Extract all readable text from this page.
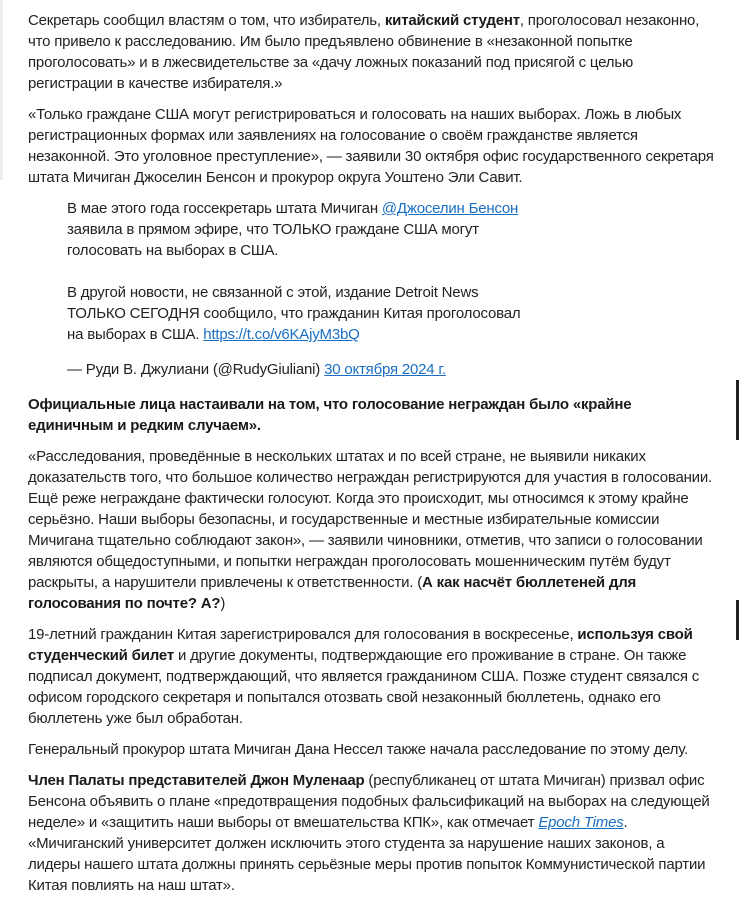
Секретарь сообщил властям о том, что избиратель, китайский студент, проголосовал незаконно, что привело к расследованию. Им было предъявлено обвинение в «незаконной попытке проголосовать» и в лжесвидетельстве за «дачу ложных показаний под присягой с целью регистрации в качестве избирателя.»

«Только граждане США могут регистрироваться и голосовать на наших выборах. Ложь в любых регистрационных формах или заявлениях на голосование о своём гражданстве является незаконной. Это уголовное преступление», — заявили 30 октября офис государственного секретаря штата Мичиган Джоселин Бенсон и прокурор округа Уоштено Эли Савит.

В мае этого года госсекретарь штата Мичиган @Джоселин Бенсон заявила в прямом эфире, что ТОЛЬКО граждане США могут голосовать на выборах в США.

В другой новости, не связанной с этой, издание Detroit News ТОЛЬКО СЕГОДНЯ сообщило, что гражданин Китая проголосовал на выборах в США. https://t.co/v6KAjyM3bQ

— Руди В. Джулиани (@RudyGiuliani) 30 октября 2024 г.

Официальные лица настаивали на том, что голосование неграждан было «крайне единичным и редким случаем».

«Расследования, проведённые в нескольких штатах и по всей стране, не выявили никаких доказательств того, что большое количество неграждан регистрируются для участия в голосовании. Ещё реже неграждане фактически голосуют. Когда это происходит, мы относимся к этому крайне серьёзно. Наши выборы безопасны, и государственные и местные избирательные комиссии Мичигана тщательно соблюдают закон», — заявили чиновники, отметив, что записи о голосовании являются общедоступными, и попытки неграждан проголосовать мошенническим путём будут раскрыты, а нарушители привлечены к ответственности. (А как насчёт бюллетеней для голосования по почте? А?)

19-летний гражданин Китая зарегистрировался для голосования в воскресенье, используя свой студенческий билет и другие документы, подтверждающие его проживание в стране. Он также подписал документ, подтверждающий, что является гражданином США. Позже студент связался с офисом городского секретаря и попытался отозвать свой незаконный бюллетень, однако его бюллетень уже был обработан.

Генеральный прокурор штата Мичиган Дана Нессел также начала расследование по этому делу.

Член Палаты представителей Джон Муленаар (республиканец от штата Мичиган) призвал офис Бенсона объявить о плане «предотвращения подобных фальсификаций на выборах на следующей неделе» и «защитить наши выборы от вмешательства КПК», как отмечает Epoch Times. «Мичиганский университет должен исключить этого студента за нарушение наших законов, а лидеры нашего штата должны принять серьёзные меры против попыток Коммунистической партии Китая повлиять на наш штат».
